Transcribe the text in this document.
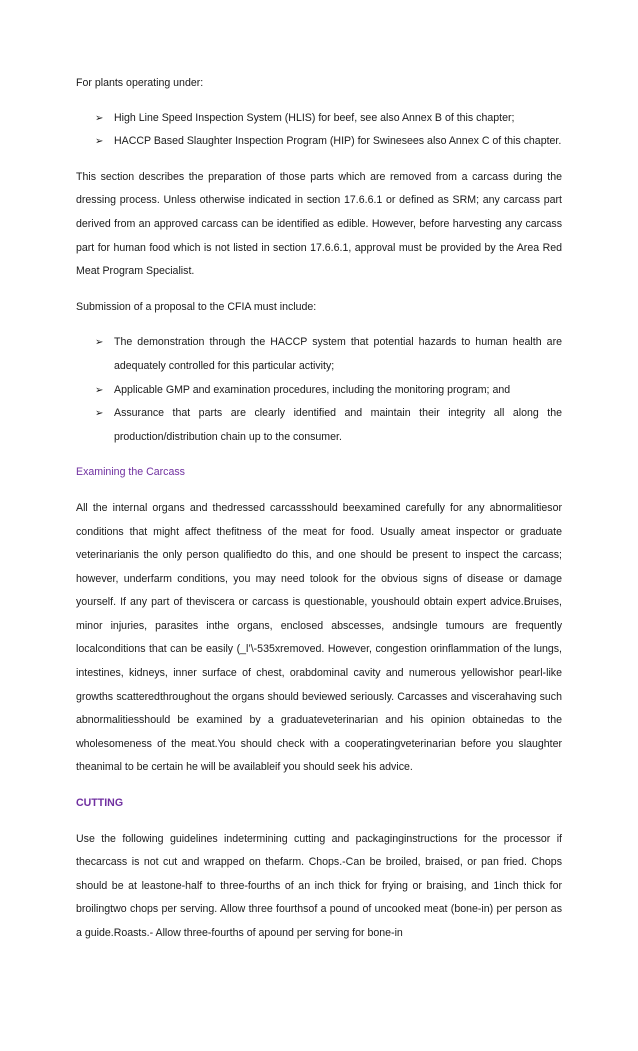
For plants operating under:

➢ High Line Speed Inspection System (HLIS) for beef, see also Annex B of this chapter;
➢ HACCP Based Slaughter Inspection Program (HIP) for Swinesees also Annex C of this chapter.

This section describes the preparation of those parts which are removed from a carcass during the dressing process. Unless otherwise indicated in section 17.6.6.1 or defined as SRM; any carcass part derived from an approved carcass can be identified as edible. However, before harvesting any carcass part for human food which is not listed in section 17.6.6.1, approval must be provided by the Area Red Meat Program Specialist.

Submission of a proposal to the CFIA must include:

➢ The demonstration through the HACCP system that potential hazards to human health are adequately controlled for this particular activity;
➢ Applicable GMP and examination procedures, including the monitoring program; and
➢ Assurance that parts are clearly identified and maintain their integrity all along the production/distribution chain up to the consumer.
Examining the Carcass

All the internal organs and thedressed carcassshould beexamined carefully for any abnormalitiesor conditions that might affect thefitness of the meat for food. Usually ameat inspector or graduate veterinarianis the only person qualifiedto do this, and one should be present to inspect the carcass; however, underfarm conditions, you may need tolook for the obvious signs of disease or damage yourself. If any part of theviscera or carcass is questionable, youshould obtain expert advice.Bruises, minor injuries, parasites inthe organs, enclosed abscesses, andsingle tumours are frequently localconditions that can be easily (_l’\-535xremoved. However, congestion orinflammation of the lungs, intestines, kidneys, inner surface of chest, orabdominal cavity and numerous yellowishor pearl-like growths scatteredthroughout the organs should beviewed seriously. Carcasses and viscerahaving such abnormalitiesshould be examined by a graduateveterinarian and his opinion obtainedas to the wholesomeness of the meat.You should check with a cooperatingveterinarian before you slaughter theanimal to be certain he will be availableif you should seek his advice.

CUTTING

Use the following guidelines indetermining cutting and packaginginstructions for the processor if thecarcass is not cut and wrapped on thefarm. Chops.-Can be broiled, braised, or pan fried. Chops should be at leastone-half to three-fourths of an inch thick for frying or braising, and 1inch thick for broilingtwo chops per serving. Allow three fourthsof a pound of uncooked meat (bone-in) per person as a guide.Roasts.- Allow three-fourths of apound per serving for bone-in
